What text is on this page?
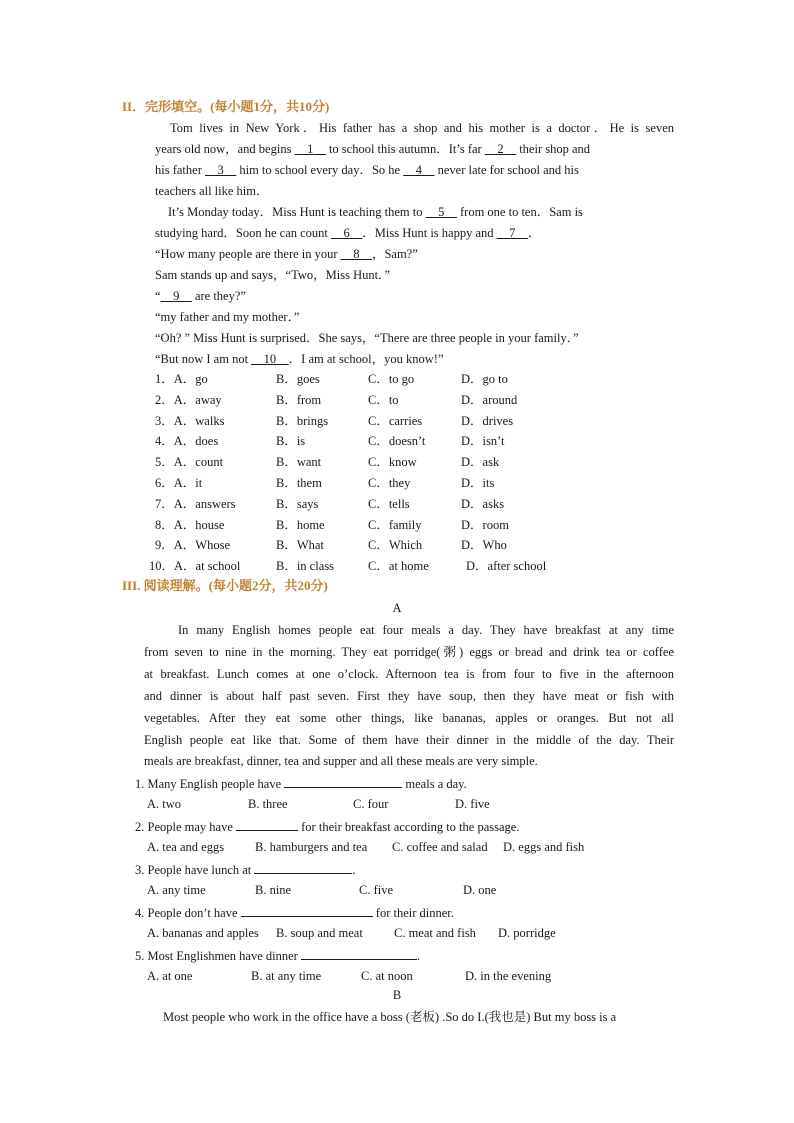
II．完形填空。(每小题1分，共10分)
Tom lives in New York．His father has a shop and his mother is a doctor．He is seven
years old now，and begins     1     to school this autumn．It’s far     2     their shop and
his father     3     him to school every day．So he     4     never late for school and his
teachers all like him．
It’s Monday today．Miss Hunt is teaching them to     5     from one to ten．Sam is
studying hard．Soon he can count     6 ．Miss Hunt is happy and     7 ．
“How many people are there in your     8 ，Sam?”
Sam stands up and says，“Two，Miss Hunt．”
“ 9     are they?”
“my father and my mother．”
“Oh? ” Miss Hunt is surprised．She says，“There are three people in your family．”
“But now I am not     10 ．I am at school，you know!”
1．A．go	B．goes	C．to go	D．go to
2．A．away	B．from	C．to	D．around
3．A．walks	B．brings	C．carries	D．drives
4．A．does	B．is	C．doesn’t	D．isn’t
5．A．count	B．want	C．know	D．ask
6．A．it	B．them	C．they	D．its
7．A．answers	B．says	C．tells	D．asks
8．A．house	B．home	C．family	D．room
9．A．Whose	B．What	C．Which	D．Who
10．A．at school	B．in class	C．at home	D．after school
III. 阅读理解。(每小题2分，共20分)
A
In many English homes people eat four meals a day. They have breakfast at any time
from seven to nine in the morning. They eat porridge(粥) eggs or bread and drink tea or coffee
at breakfast. Lunch comes at one o’clock. Afternoon tea is from four to five in the afternoon
and dinner is about half past seven. First they have soup, then they have meat or fish with
vegetables. After they eat some other things, like bananas, apples or oranges. But not all
English people eat like that. Some of them have their dinner in the middle of the day. Their
meals are breakfast, dinner, tea and supper and all these meals are very simple.
1. Many English people have	meals a day.
2. People may have	for their breakfast according to the passage.
3. People have lunch at	.
4. People don’t have	for their dinner.
5. Most Englishmen have dinner	.
A. two	B. three	C. four	D. five
A. tea and eggs B. hamburgers and tea C. coffee and salad D. eggs and fish
A. any time	B. nine	C. five	D. one
A. bananas and apples B. soup and meat C. meat and fish D. porridge
A. at one	B. at any time	C. at noon	D. in the evening
B
Most people who work in the office have a boss (老板) .So do I.(我也是) But my boss is a
